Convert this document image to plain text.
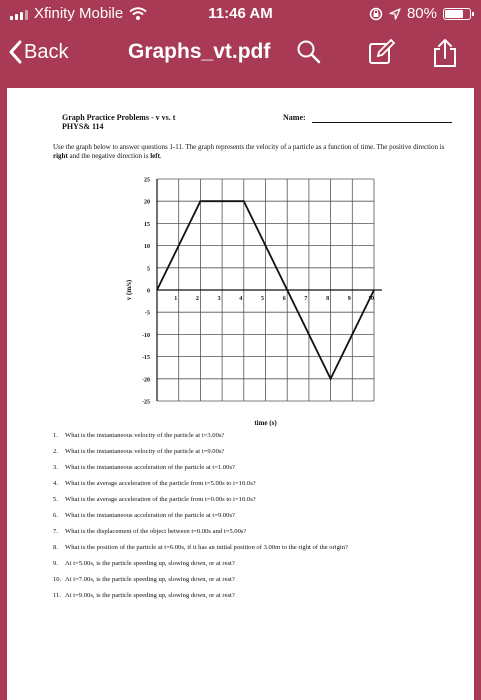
Xfinity Mobile	11:46 AM	80%
Back	Graphs_vt.pdf
Graph Practice Problems - v vs. t
PHYS& 114
Name:
Use the graph below to answer questions 1-11. The graph represents the velocity of a particle as a function of time. The positive direction is right and the negative direction is left.
25
20
15
10
5
0
-5
-10
-15
-20
-25
1	2	3	4	5	6	7	8	9	10
v (m/s)
time (s)
1. What is the instantaneous velocity of the particle at t=3.00s?
2. What is the instantaneous velocity of the particle at t=9.00s?
3. What is the instantaneous acceleration of the particle at t=1.00s?
4. What is the average acceleration of the particle from t=5.00s to t=10.0s?
5. What is the average acceleration of the particle from t=0.00s to t=10.0s?
6. What is the instantaneous acceleration of the particle at t=9.00s?
7. What is the displacement of the object between t=0.00s and t=5.00s?
8. What is the position of the particle at t=6.00s, if it has an initial position of 3.00m to the right of the origin?
9. At t=5.00s, is the particle speeding up, slowing down, or at rest?
10. At t=7.00s, is the particle speeding up, slowing down, or at rest?
11. At t=9.00s, is the particle speeding up, slowing down, or at rest?
